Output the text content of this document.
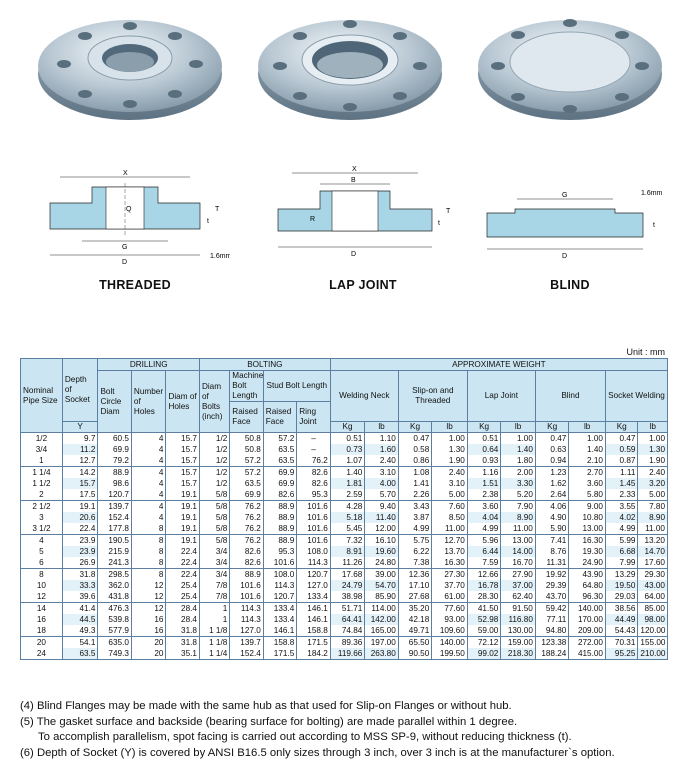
X
Q
G
D
T
t
1.6mm
X
B
R
D
T
t
G
D
1.6mm
t
THREADED	LAP JOINT	BLIND
Unit : mm
Nominal Pipe Size	Depth of Socket	DRILLING			BOLTING				APPROXIMATE WEIGHT									
		Bolt Circle Diam	Number of Holes	Diam of Holes	Diam of Bolts (inch)	Machine Bolt Length	Stud Bolt Length		Welding Neck		Slip-on and Threaded		Lap Joint		Blind		Socket Welding	
						Raised Face	Raised Face	Ring Joint										
	Y								Kg	lb	Kg	lb	Kg	lb	Kg	lb	Kg	lb
1/2	9.7	60.5	4	15.7	1/2	50.8	57.2	–	0.51	1.10	0.47	1.00	0.51	1.00	0.47	1.00	0.47	1.00
3/4	11.2	69.9	4	15.7	1/2	50.8	63.5	–	0.73	1.60	0.58	1.30	0.64	1.40	0.63	1.40	0.59	1.30
1	12.7	79.2	4	15.7	1/2	57.2	63.5	76.2	1.07	2.40	0.86	1.90	0.93	1.80	0.94	2.10	0.87	1.90
1 1/4	14.2	88.9	4	15.7	1/2	57.2	69.9	82.6	1.40	3.10	1.08	2.40	1.16	2.00	1.23	2.70	1.11	2.40
1 1/2	15.7	98.6	4	15.7	1/2	63.5	69.9	82.6	1.81	4.00	1.41	3.10	1.51	3.30	1.62	3.60	1.45	3.20
2	17.5	120.7	4	19.1	5/8	69.9	82.6	95.3	2.59	5.70	2.26	5.00	2.38	5.20	2.64	5.80	2.33	5.00
2 1/2	19.1	139.7	4	19.1	5/8	76.2	88.9	101.6	4.28	9.40	3.43	7.60	3.60	7.90	4.06	9.00	3.55	7.80
3	20.6	152.4	4	19.1	5/8	76.2	88.9	101.6	5.18	11.40	3.87	8.50	4.04	8.90	4.90	10.80	4.02	8.90
3 1/2	22.4	177.8	8	19.1	5/8	76.2	88.9	101.6	5.45	12.00	4.99	11.00	4.99	11.00	5.90	13.00	4.99	11.00
4	23.9	190.5	8	19.1	5/8	76.2	88.9	101.6	7.32	16.10	5.75	12.70	5.96	13.00	7.41	16.30	5.99	13.20
5	23.9	215.9	8	22.4	3/4	82.6	95.3	108.0	8.91	19.60	6.22	13.70	6.44	14.00	8.76	19.30	6.68	14.70
6	26.9	241.3	8	22.4	3/4	82.6	101.6	114.3	11.26	24.80	7.38	16.30	7.59	16.70	11.31	24.90	7.99	17.60
8	31.8	298.5	8	22.4	3/4	88.9	108.0	120.7	17.68	39.00	12.36	27.30	12.66	27.90	19.92	43.90	13.29	29.30
10	33.3	362.0	12	25.4	7/8	101.6	114.3	127.0	24.79	54.70	17.10	37.70	16.78	37.00	29.39	64.80	19.50	43.00
12	39.6	431.8	12	25.4	7/8	101.6	120.7	133.4	38.98	85.90	27.68	61.00	28.30	62.40	43.70	96.30	29.03	64.00
14	41.4	476.3	12	28.4	1	114.3	133.4	146.1	51.71	114.00	35.20	77.60	41.50	91.50	59.42	140.00	38.56	85.00
16	44.5	539.8	16	28.4	1	114.3	133.4	146.1	64.41	142.00	42.18	93.00	52.98	116.80	77.11	170.00	44.49	98.00
18	49.3	577.9	16	31.8	1 1/8	127.0	146.1	158.8	74.84	165.00	49.71	109.60	59.00	130.00	94.80	209.00	54.43	120.00
20	54.1	635.0	20	31.8	1 1/8	139.7	158.8	171.5	89.36	197.00	65.50	140.00	72.12	159.00	123.38	272.00	70.31	155.00
24	63.5	749.3	20	35.1	1 1/4	152.4	171.5	184.2	119.66	263.80	90.50	199.50	99.02	218.30	188.24	415.00	95.25	210.00
(4) Blind Flanges may be made with the same hub as that used for Slip-on Flanges or without hub.
(5) The gasket surface and backside (bearing surface for bolting) are made parallel within 1 degree.
To accomplish parallelism, spot facing is carried out according to MSS SP-9, without reducing thickness (t).
(6) Depth of Socket (Y) is covered by ANSI B16.5 only sizes through 3 inch, over 3 inch is at the manufacturer`s option.
